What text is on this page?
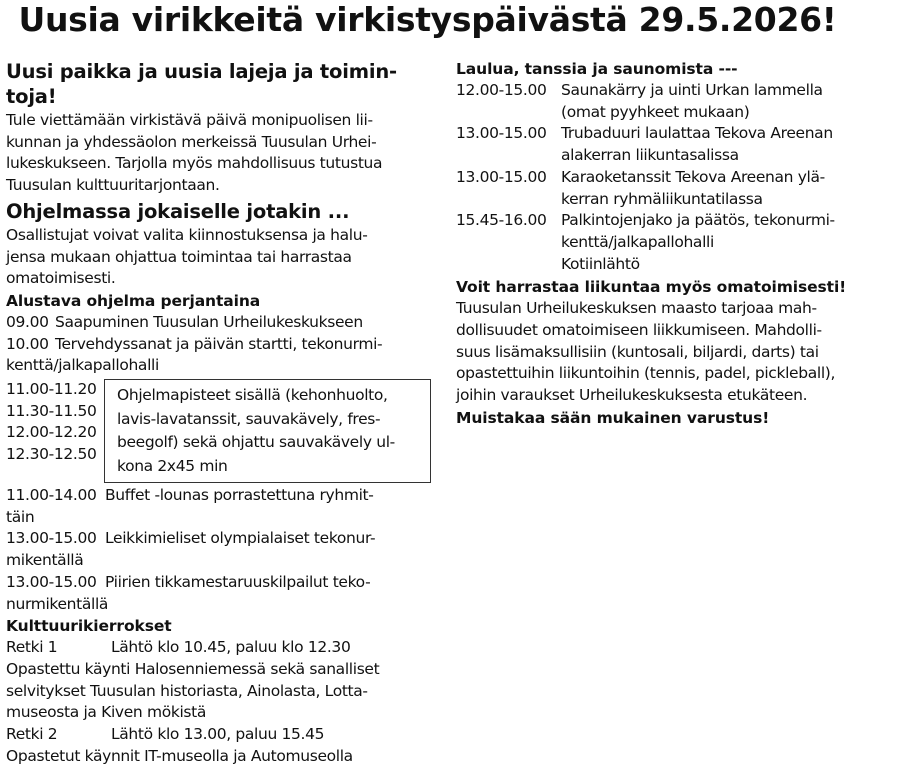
Uusia virikkeitä virkistyspäivästä 29.5.2026!
Uusi paikka ja uusia lajeja ja toimin-
toja!
Tule viettämään virkistävä päivä monipuolisen lii-
kunnan ja yhdessäolon merkeissä Tuusulan Urhei-
lukeskukseen. Tarjolla myös mahdollisuus tutustua
Tuusulan kulttuuritarjontaan.
Ohjelmassa jokaiselle jotakin ...
Osallistujat voivat valita kiinnostuksensa ja halu-
jensa mukaan ohjattua toimintaa tai harrastaa
omatoimisesti.
Alustava ohjelma perjantaina
09.00 Saapuminen Tuusulan Urheilukeskukseen
10.00 Tervehdyssanat ja päivän startti, tekonurmi-
kenttä/jalkapallohalli
11.00-11.20
11.30-11.50
12.00-12.20
12.30-12.50
Ohjelmapisteet sisällä (kehonhuolto,
lavis-lavatanssit, sauvakävely, fres-
beegolf) sekä ohjattu sauvakävely ul-
kona 2x45 min
11.00-14.00 Buffet -lounas porrastettuna ryhmit-
täin
13.00-15.00 Leikkimieliset olympialaiset tekonur-
mikentällä
13.00-15.00 Piirien tikkamestaruuskilpailut teko-
nurmikentällä
Kulttuurikierrokset
Retki 1	Lähtö klo 10.45, paluu klo 12.30
Opastettu käynti Halosenniemessä sekä sanalliset
selvitykset Tuusulan historiasta, Ainolasta, Lotta-
museosta ja Kiven mökistä
Retki 2	Lähtö klo 13.00, paluu 15.45
Opastetut käynnit IT-museolla ja Automuseolla
Laulua, tanssia ja saunomista ---
12.00-15.00 Saunakärry ja uinti Urkan lammella
(omat pyyhkeet mukaan)
13.00-15.00 Trubaduuri laulattaa Tekova Areenan
alakerran liikuntasalissa
13.00-15.00 Karaoketanssit Tekova Areenan ylä-
kerran ryhmäliikuntatilassa
15.45-16.00 Palkintojenjako ja päätös, tekonurmi-
kenttä/jalkapallohalli
Kotiinlähtö
Voit harrastaa liikuntaa myös omatoimisesti!
Tuusulan Urheilukeskuksen maasto tarjoaa mah-
dollisuudet omatoimiseen liikkumiseen. Mahdolli-
suus lisämaksullisiin (kuntosali, biljardi, darts) tai
opastettuihin liikuntoihin (tennis, padel, pickleball),
joihin varaukset Urheilukeskuksesta etukäteen.
Muistakaa sään mukainen varustus!
